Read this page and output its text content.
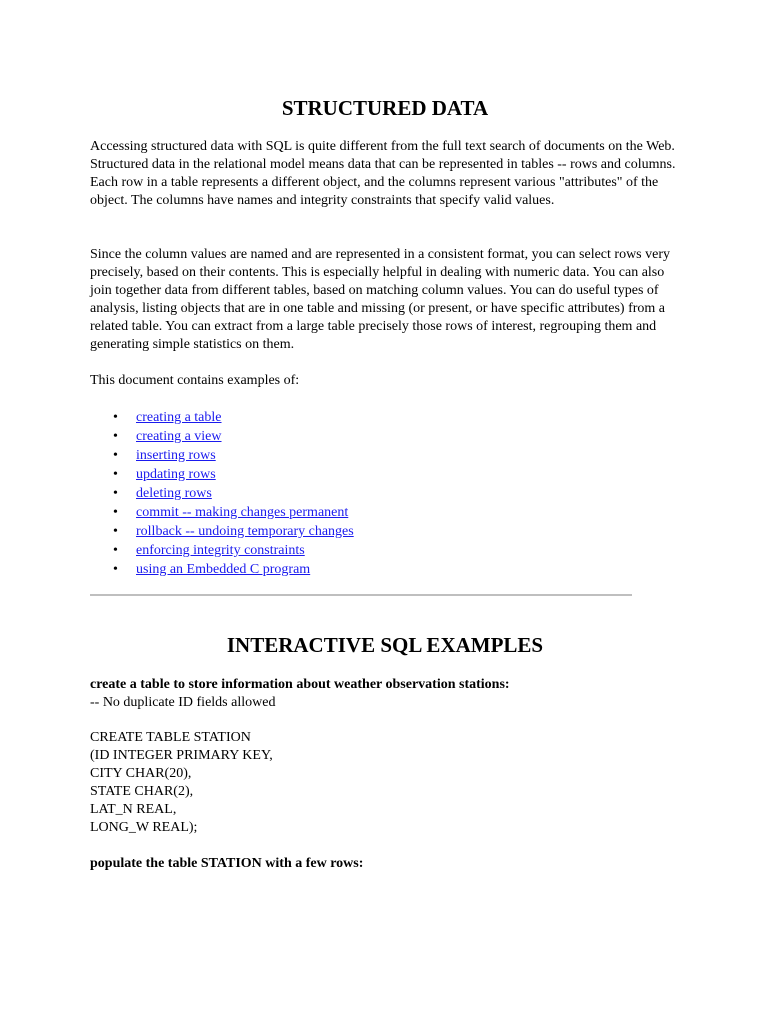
STRUCTURED DATA

Accessing structured data with SQL is quite different from the full text search of documents on the Web. Structured data in the relational model means data that can be represented in tables -- rows and columns. Each row in a table represents a different object, and the columns represent various "attributes" of the object. The columns have names and integrity constraints that specify valid values.

Since the column values are named and are represented in a consistent format, you can select rows very precisely, based on their contents. This is especially helpful in dealing with numeric data. You can also join together data from different tables, based on matching column values. You can do useful types of analysis, listing objects that are in one table and missing (or present, or have specific attributes) from a related table. You can extract from a large table precisely those rows of interest, regrouping them and generating simple statistics on them.

This document contains examples of:

• creating a table
• creating a view
• inserting rows
• updating rows
• deleting rows
• commit -- making changes permanent
• rollback -- undoing temporary changes
• enforcing integrity constraints
• using an Embedded C program
INTERACTIVE SQL EXAMPLES

create a table to store information about weather observation stations:

-- No duplicate ID fields allowed

CREATE TABLE STATION
(ID INTEGER PRIMARY KEY,
CITY CHAR(20),
STATE CHAR(2),
LAT_N REAL,
LONG_W REAL);

populate the table STATION with a few rows:
